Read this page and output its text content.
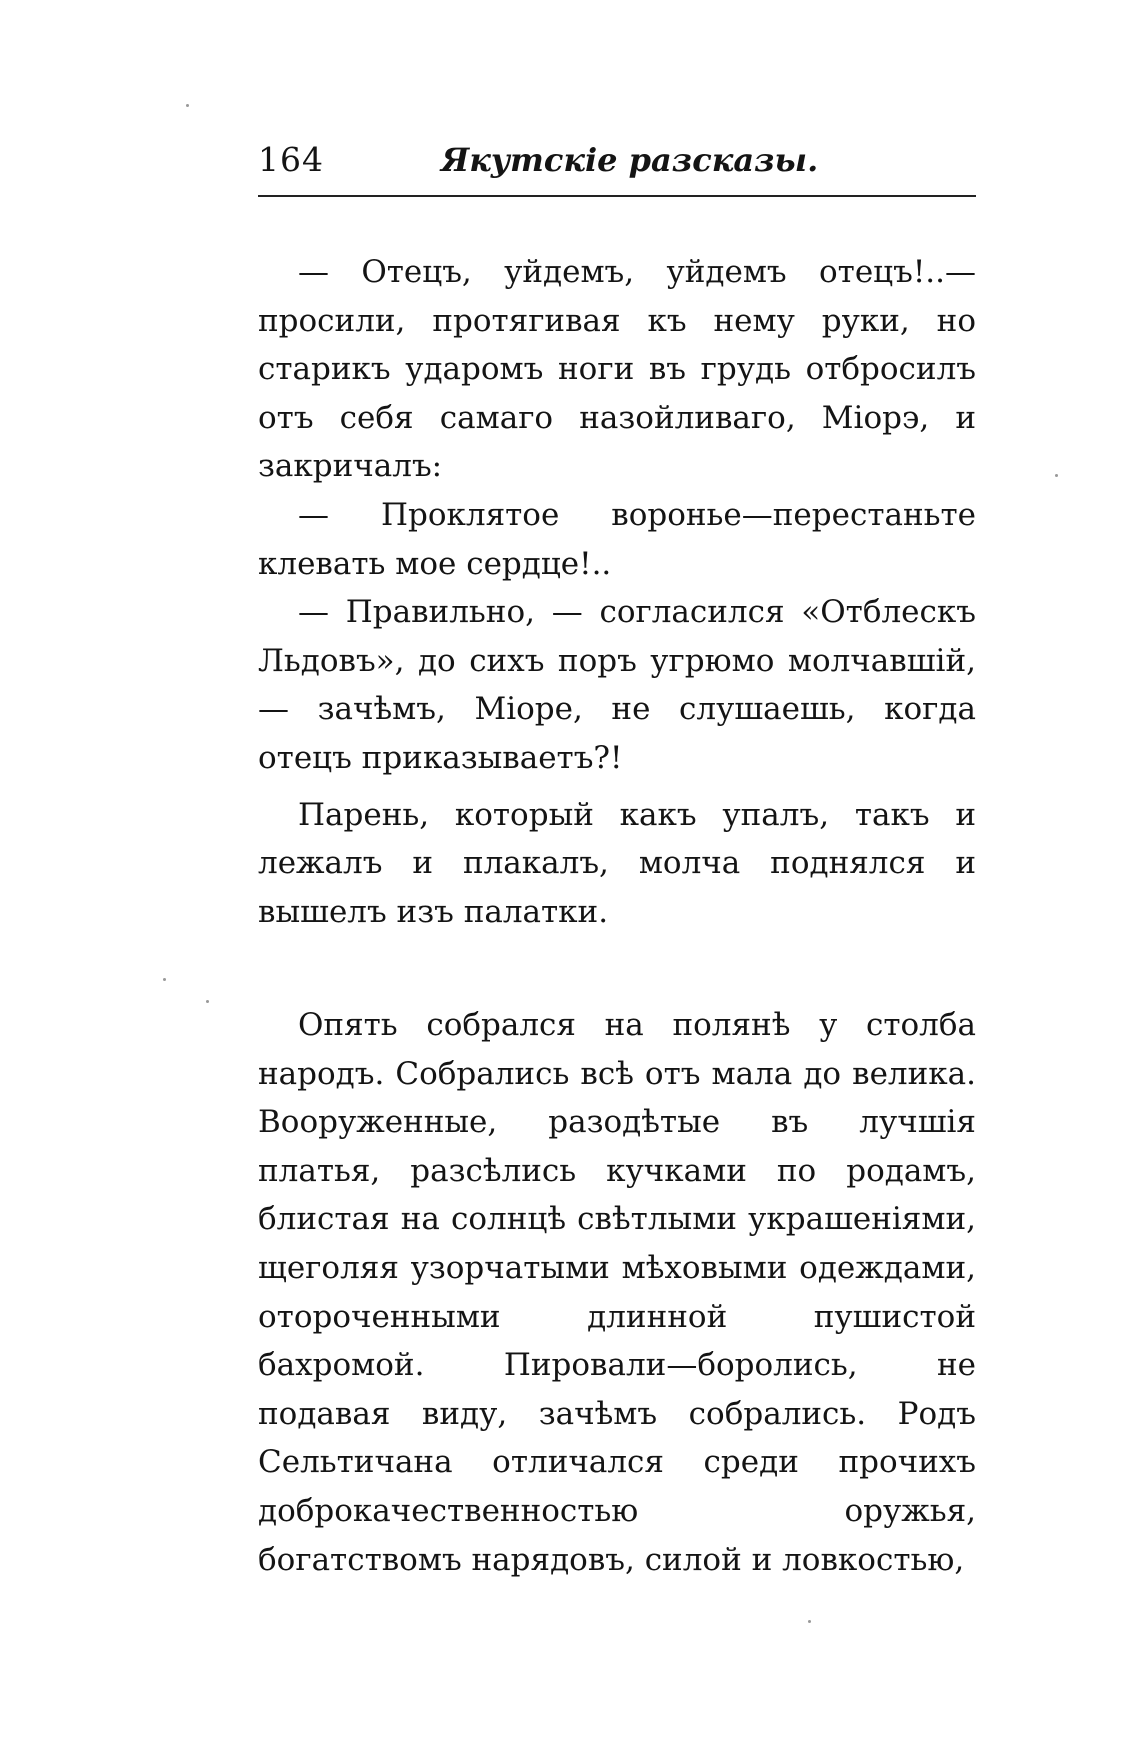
164	Якутскіе разсказы.

— Отецъ, уйдемъ, уйдемъ отецъ!..— просили, протягивая къ нему руки, но старикъ ударомъ ноги въ грудь отбросилъ отъ себя самаго назойливаго, Міорэ, и закричалъ:

— Проклятое воронье—перестаньте клевать мое сердце!..

— Правильно, — согласился «Отблескъ Льдовъ», до сихъ поръ угрюмо молчавшій,— зачѣмъ, Міоре, не слушаешь, когда отецъ приказываетъ?!

Парень, который какъ упалъ, такъ и лежалъ и плакалъ, молча поднялся и вышелъ изъ палатки.

Опять собрался на полянѣ у столба народъ. Собрались всѣ отъ мала до велика. Вооруженные, разодѣтые въ лучшія платья, разсѣлись кучками по родамъ, блистая на солнцѣ свѣтлыми украшеніями, щеголяя узорчатыми мѣховыми одеждами, отороченными длинной пушистой бахромой. Пировали—боролись, не подавая виду, зачѣмъ собрались. Родъ Сельтичана отличался среди прочихъ доброкачественностью оружья, богатствомъ нарядовъ, силой и ловкостью,
